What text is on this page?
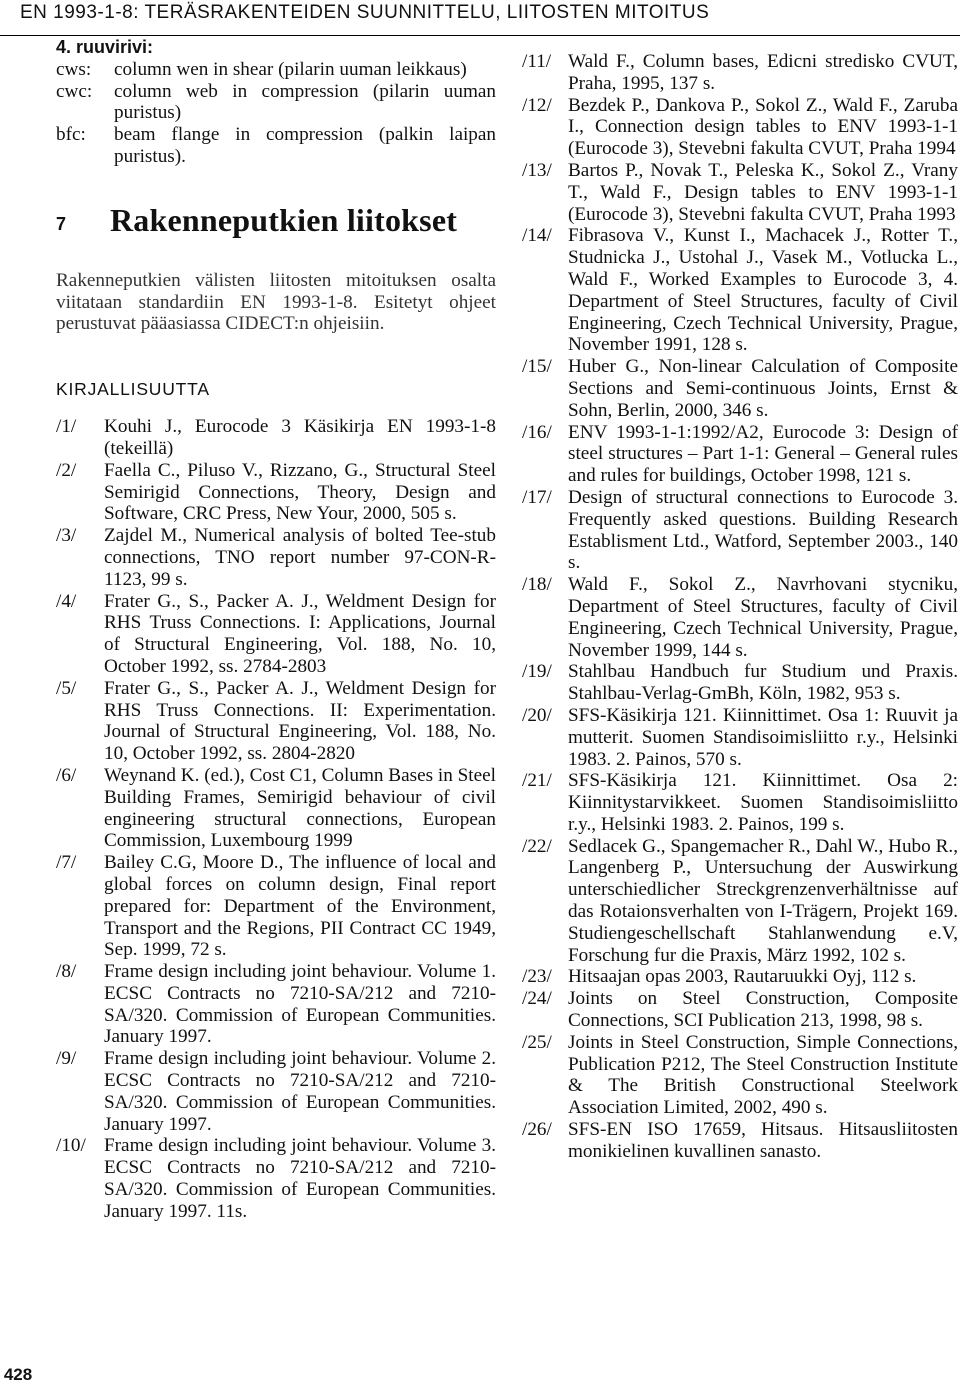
EN 1993-1-8: TERÄSRAKENTEIDEN SUUNNITTELU, LIITOSTEN MITOITUS
4. ruuvirivi:
cws:	column wen in shear (pilarin uuman leikkaus)
cwc:	column web in compression (pilarin uuman puristus)
bfc:	beam flange in compression (palkin laipan puristus).
7 Rakenneputkien liitokset
Rakenneputkien välisten liitosten mitoituksen osalta viitataan standardiin EN 1993-1-8. Esitetyt ohjeet perustuvat pääasiassa CIDECT:n ohjeisiin.
KIRJALLISUUTTA
/1/	Kouhi J., Eurocode 3 Käsikirja EN 1993-1-8 (tekeillä)
/2/	Faella C., Piluso V., Rizzano, G., Structural Steel Semirigid Connections, Theory, Design and Software, CRC Press, New Your, 2000, 505 s.
/3/	Zajdel M., Numerical analysis of bolted Tee-stub connections, TNO report number 97-CON-R-1123, 99 s.
/4/	Frater G., S., Packer A. J., Weldment Design for RHS Truss Connections. I: Applications, Journal of Structural Engineering, Vol. 188, No. 10, October 1992, ss. 2784-2803
/5/	Frater G., S., Packer A. J., Weldment Design for RHS Truss Connections. II: Experimentation. Journal of Structural Engineering, Vol. 188, No. 10, October 1992, ss. 2804-2820
/6/	Weynand K. (ed.), Cost C1, Column Bases in Steel Building Frames, Semirigid behaviour of civil engineering structural connections, European Commission, Luxembourg 1999
/7/	Bailey C.G, Moore D., The influence of local and global forces on column design, Final report prepared for: Department of the Environment, Transport and the Regions, PII Contract CC 1949, Sep. 1999, 72 s.
/8/	Frame design including joint behaviour. Volume 1. ECSC Contracts no 7210-SA/212 and 7210-SA/320. Commission of European Communities. January 1997.
/9/	Frame design including joint behaviour. Volume 2. ECSC Contracts no 7210-SA/212 and 7210-SA/320. Commission of European Communities. January 1997.
/10/ Frame design including joint behaviour. Volume 3. ECSC Contracts no 7210-SA/212 and 7210-SA/320. Commission of European Communities. January 1997. 11s.
/11/ Wald F., Column bases, Edicni stredisko CVUT, Praha, 1995, 137 s.
/12/ Bezdek P., Dankova P., Sokol Z., Wald F., Zaruba I., Connection design tables to ENV 1993-1-1 (Eurocode 3), Stevebni fakulta CVUT, Praha 1994
/13/ Bartos P., Novak T., Peleska K., Sokol Z., Vrany T., Wald F., Design tables to ENV 1993-1-1 (Eurocode 3), Stevebni fakulta CVUT, Praha 1993
/14/ Fibrasova V., Kunst I., Machacek J., Rotter T., Studnicka J., Ustohal J., Vasek M., Votlucka L., Wald F., Worked Examples to Eurocode 3, 4. Department of Steel Structures, faculty of Civil Engineering, Czech Technical University, Prague, November 1991, 128 s.
/15/ Huber G., Non-linear Calculation of Composite Sections and Semi-continuous Joints, Ernst & Sohn, Berlin, 2000, 346 s.
/16/ ENV 1993-1-1:1992/A2, Eurocode 3: Design of steel structures – Part 1-1: General – General rules and rules for buildings, October 1998, 121 s.
/17/ Design of structural connections to Eurocode 3. Frequently asked questions. Building Research Establisment Ltd., Watford, September 2003., 140 s.
/18/ Wald F., Sokol Z., Navrhovani stycniku, Department of Steel Structures, faculty of Civil Engineering, Czech Technical University, Prague, November 1999, 144 s.
/19/ Stahlbau Handbuch fur Studium und Praxis. Stahlbau-Verlag-GmBh, Köln, 1982, 953 s.
/20/ SFS-Käsikirja 121. Kiinnittimet. Osa 1: Ruuvit ja mutterit. Suomen Standisoimisliitto r.y., Helsinki 1983. 2. Painos, 570 s.
/21/ SFS-Käsikirja 121. Kiinnittimet. Osa 2: Kiinnitystarvikkeet. Suomen Standisoimisliitto r.y., Helsinki 1983. 2. Painos, 199 s.
/22/ Sedlacek G., Spangemacher R., Dahl W., Hubo R., Langenberg P., Untersuchung der Auswirkung unterschiedlicher Streckgrenzenverhältnisse auf das Rotaionsverhalten von I-Trägern, Projekt 169. Studiengeschellschaft Stahlanwendung e.V, Forschung fur die Praxis, März 1992, 102 s.
/23/ Hitsaajan opas 2003, Rautaruukki Oyj, 112 s.
/24/ Joints on Steel Construction, Composite Connections, SCI Publication 213, 1998, 98 s.
/25/ Joints in Steel Construction, Simple Connections, Publication P212, The Steel Construction Institute & The British Constructional Steelwork Association Limited, 2002, 490 s.
/26/ SFS-EN ISO 17659, Hitsaus. Hitsausliitosten monikielinen kuvallinen sanasto.
428
